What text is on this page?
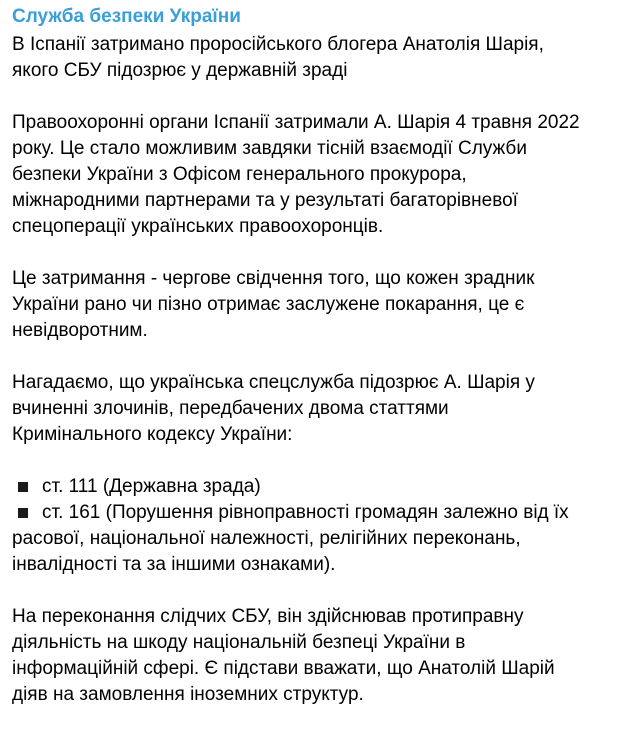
Служба безпеки України
В Іспанії затримано проросійського блогера Анатолія Шарія,
якого СБУ підозрює у державній зраді
Правоохоронні органи Іспанії затримали А. Шарія 4 травня 2022
року. Це стало можливим завдяки тісній взаємодії Служби
безпеки України з Офісом генерального прокурора,
міжнародними партнерами та у результаті багаторівневої
спецоперації українських правоохоронців.
Це затримання - чергове свідчення того, що кожен зрадник
України рано чи пізно отримає заслужене покарання, це є
невідворотним.
Нагадаємо, що українська спецслужба підозрює А. Шарія у
вчиненні злочинів, передбачених двома статтями
Кримінального кодексу України:
ст. 111 (Державна зрада)
ст. 161 (Порушення рівноправності громадян залежно від їх
расової, національної належності, релігійних переконань,
інвалідності та за іншими ознаками).
На переконання слідчих СБУ, він здійснював протиправну
діяльність на шкоду національній безпеці України в
інформаційній сфері. Є підстави вважати, що Анатолій Шарій
діяв на замовлення іноземних структур.
